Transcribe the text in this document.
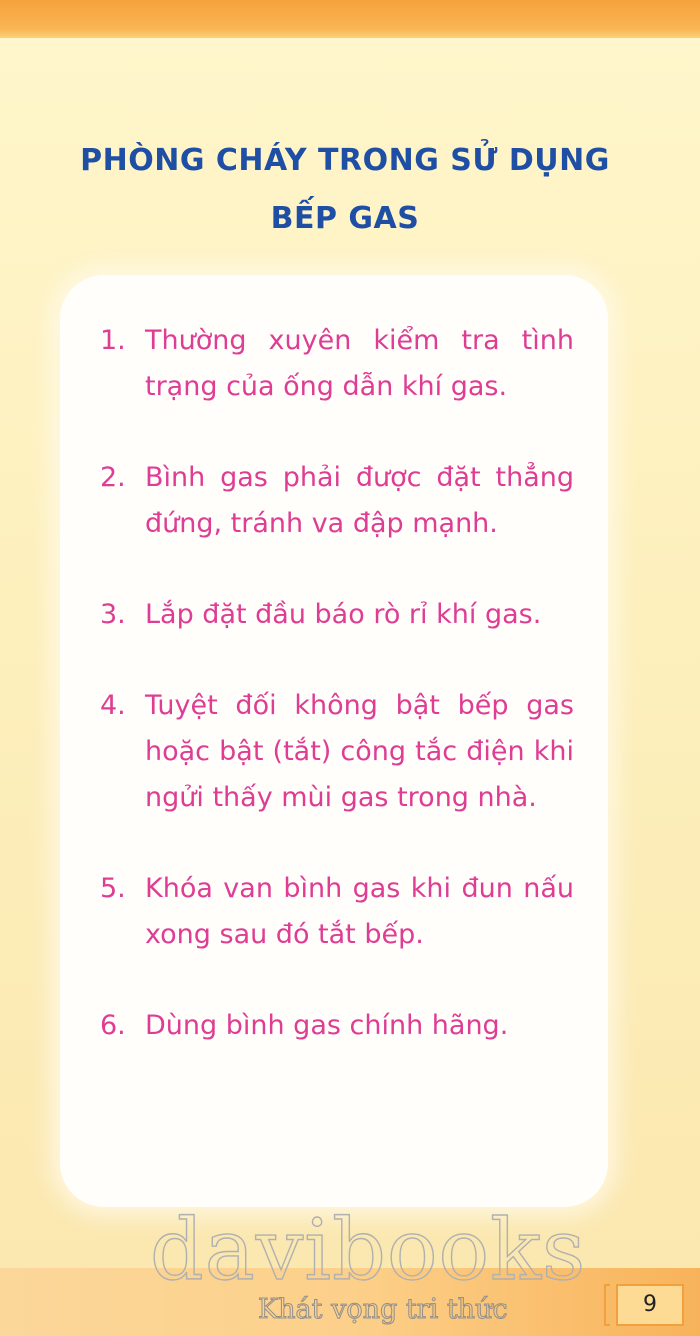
PHÒNG CHÁY TRONG SỬ DỤNG
BẾP GAS
1. Thường xuyên kiểm tra tình trạng của ống dẫn khí gas.
2. Bình gas phải được đặt thẳng đứng, tránh va đập mạnh.
3. Lắp đặt đầu báo rò rỉ khí gas.
4. Tuyệt đối không bật bếp gas hoặc bật (tắt) công tắc điện khi ngửi thấy mùi gas trong nhà.
5. Khóa van bình gas khi đun nấu xong sau đó tắt bếp.
6. Dùng bình gas chính hãng.
davibooks
Khát vọng tri thức	9
